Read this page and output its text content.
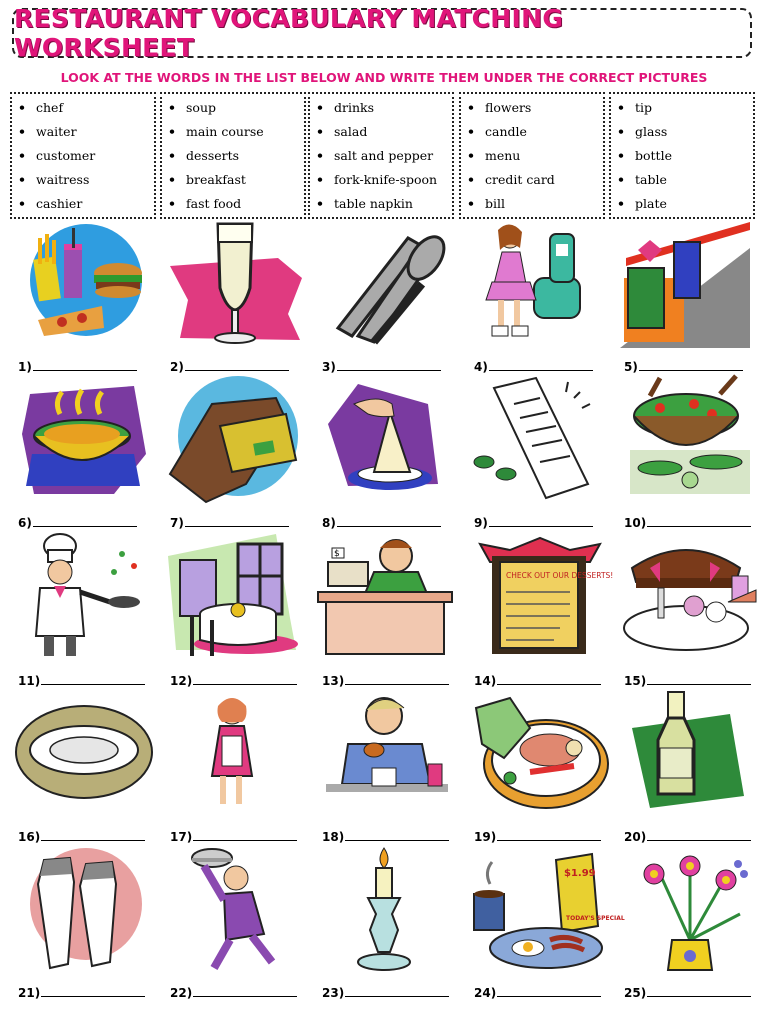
RESTAURANT VOCABULARY MATCHING WORKSHEET
LOOK AT THE WORDS IN THE LIST BELOW AND WRITE THEM UNDER THE CORRECT PICTURES
• chef
• waiter
• customer
• waitress
• cashier
• soup
• main course
• desserts
• breakfast
• fast food
• drinks
• salad
• salt and pepper
• fork-knife-spoon
• table napkin
• flowers
• candle
• menu
• credit card
• bill
• tip
• glass
• bottle
• table
• plate
1)	2)	3)	4)	5)
6)	7)	8)	9)	10)
11)	12)
$
13)
CHECK OUT OUR DESSERTS!
14)	15)
16)	17)	18)	19)	20)
21)	22)	23)
$1.99
TODAY'S SPECIAL
24)	25)
